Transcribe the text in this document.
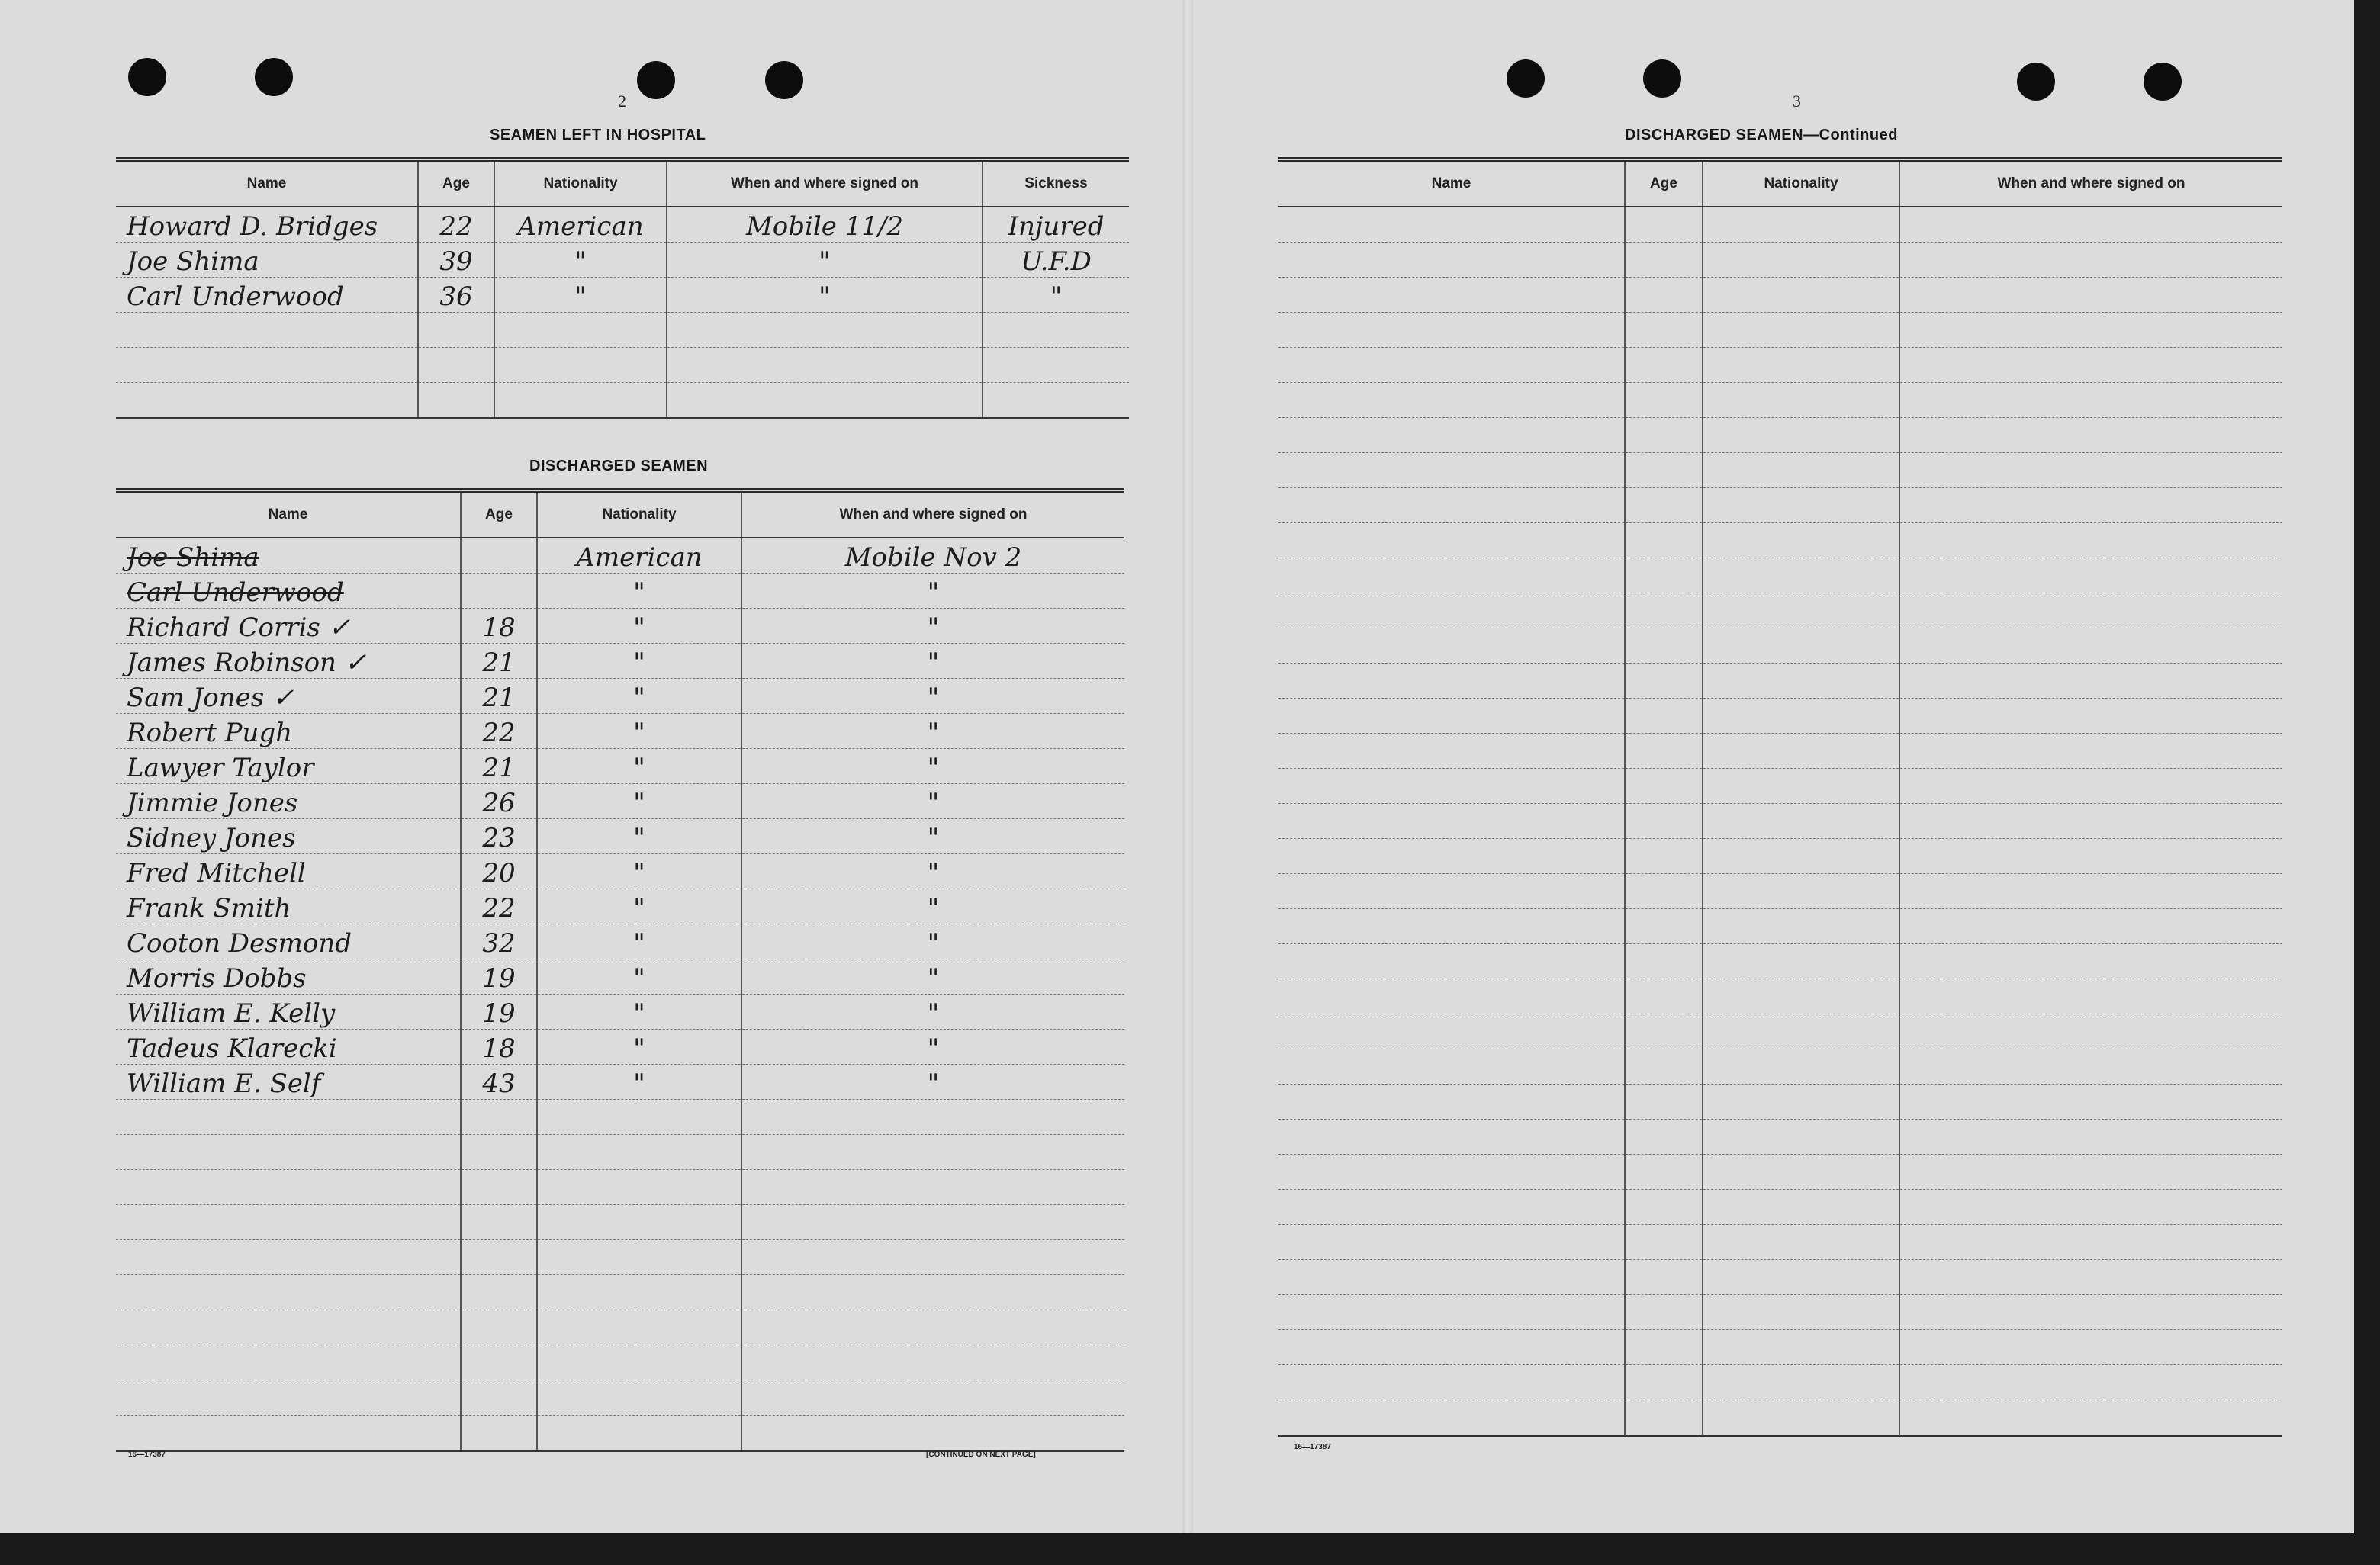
2
SEAMEN LEFT IN HOSPITAL
Name	Age	Nationality	When and where signed on	Sickness
Howard D. Bridges	22	American	Mobile 11/2	Injured
Joe Shima	39	"	"	U.F.D
Carl Underwood	36	"	"	"

DISCHARGED SEAMEN
Name	Age	Nationality	When and where signed on
Joe Shima		American	Mobile Nov 2
Carl Underwood		"	"
Richard Corris ✓	18	"	"
James Robinson ✓	21	"	"
Sam Jones ✓	21	"	"
Robert Pugh	22	"	"
Lawyer Taylor	21	"	"
Jimmie Jones	26	"	"
Sidney Jones	23	"	"
Fred Mitchell	20	"	"
Frank Smith	22	"	"
Cooton Desmond	32	"	"
Morris Dobbs	19	"	"
William E. Kelly	19	"	"
Tadeus Klarecki	18	"	"
William E. Self	43	"	"

16—17387	[CONTINUED ON NEXT PAGE]
3
DISCHARGED SEAMEN—Continued
Name	Age	Nationality	When and where signed on

16—17387
